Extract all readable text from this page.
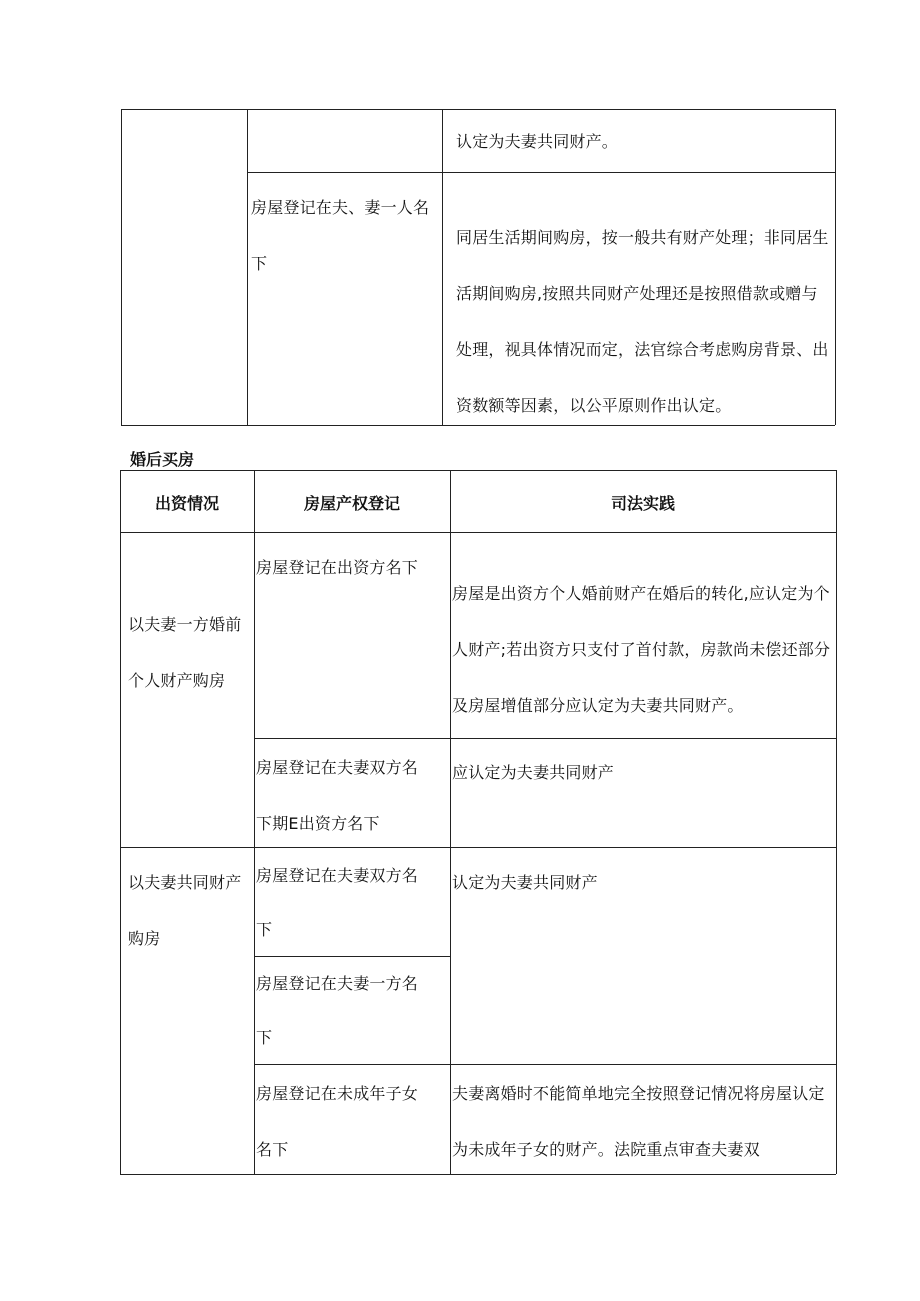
认定为夫妻共同财产。
房屋登记在夫、妻一人名下
同居生活期间购房，按一般共有财产处理；非同居生活期间购房,按照共同财产处理还是按照借款或赠与处理，视具体情况而定，法官综合考虑购房背景、出资数额等因素，以公平原则作出认定。
婚后买房
出资情况	房屋产权登记	司法实践
以夫妻一方婚前个人财产购房
房屋登记在出资方名下
房屋是出资方个人婚前财产在婚后的转化,应认定为个人财产;若出资方只支付了首付款，房款尚未偿还部分及房屋增值部分应认定为夫妻共同财产。
房屋登记在夫妻双方名下期E出资方名下
应认定为夫妻共同财产
以夫妻共同财产购房
房屋登记在夫妻双方名下
房屋登记在夫妻一方名下
认定为夫妻共同财产
房屋登记在未成年子女名下
夫妻离婚时不能简单地完全按照登记情况将房屋认定为未成年子女的财产。法院重点审查夫妻双
